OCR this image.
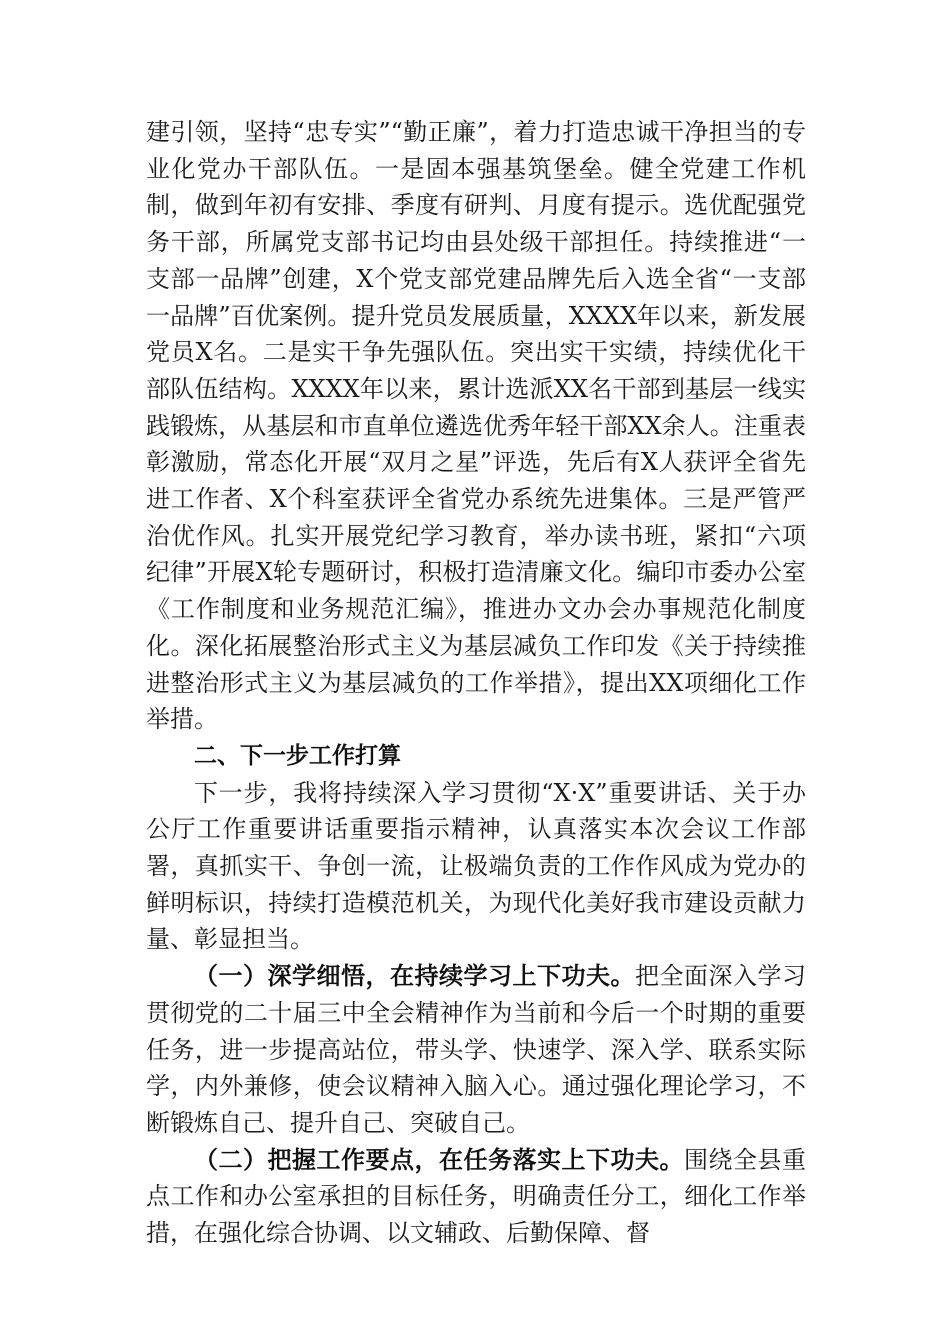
建引领，坚持“忠专实”“勤正廉”，着力打造忠诚干净担当的专业化党办干部队伍。一是固本强基筑堡垒。健全党建工作机制，做到年初有安排、季度有研判、月度有提示。选优配强党务干部，所属党支部书记均由县处级干部担任。持续推进“一支部一品牌”创建，X个党支部党建品牌先后入选全省“一支部一品牌”百优案例。提升党员发展质量，XXXX年以来，新发展党员X名。二是实干争先强队伍。突出实干实绩，持续优化干部队伍结构。XXXX年以来，累计选派XX名干部到基层一线实践锻炼，从基层和市直单位遴选优秀年轻干部XX余人。注重表彰激励，常态化开展“双月之星”评选，先后有X人获评全省先进工作者、X个科室获评全省党办系统先进集体。三是严管严治优作风。扎实开展党纪学习教育，举办读书班，紧扣“六项纪律”开展X轮专题研讨，积极打造清廉文化。编印市委办公室《工作制度和业务规范汇编》，推进办文办会办事规范化制度化。深化拓展整治形式主义为基层减负工作印发《关于持续推进整治形式主义为基层减负的工作举措》，提出XX项细化工作举措。

二、下一步工作打算

下一步，我将持续深入学习贯彻“X·X”重要讲话、关于办公厅工作重要讲话重要指示精神，认真落实本次会议工作部署，真抓实干、争创一流，让极端负责的工作作风成为党办的鲜明标识，持续打造模范机关，为现代化美好我市建设贡献力量、彰显担当。

（一）深学细悟，在持续学习上下功夫。把全面深入学习贯彻党的二十届三中全会精神作为当前和今后一个时期的重要任务，进一步提高站位，带头学、快速学、深入学、联系实际学，内外兼修，使会议精神入脑入心。通过强化理论学习，不断锻炼自己、提升自己、突破自己。

（二）把握工作要点，在任务落实上下功夫。围绕全县重点工作和办公室承担的目标任务，明确责任分工，细化工作举措，在强化综合协调、以文辅政、后勤保障、督
